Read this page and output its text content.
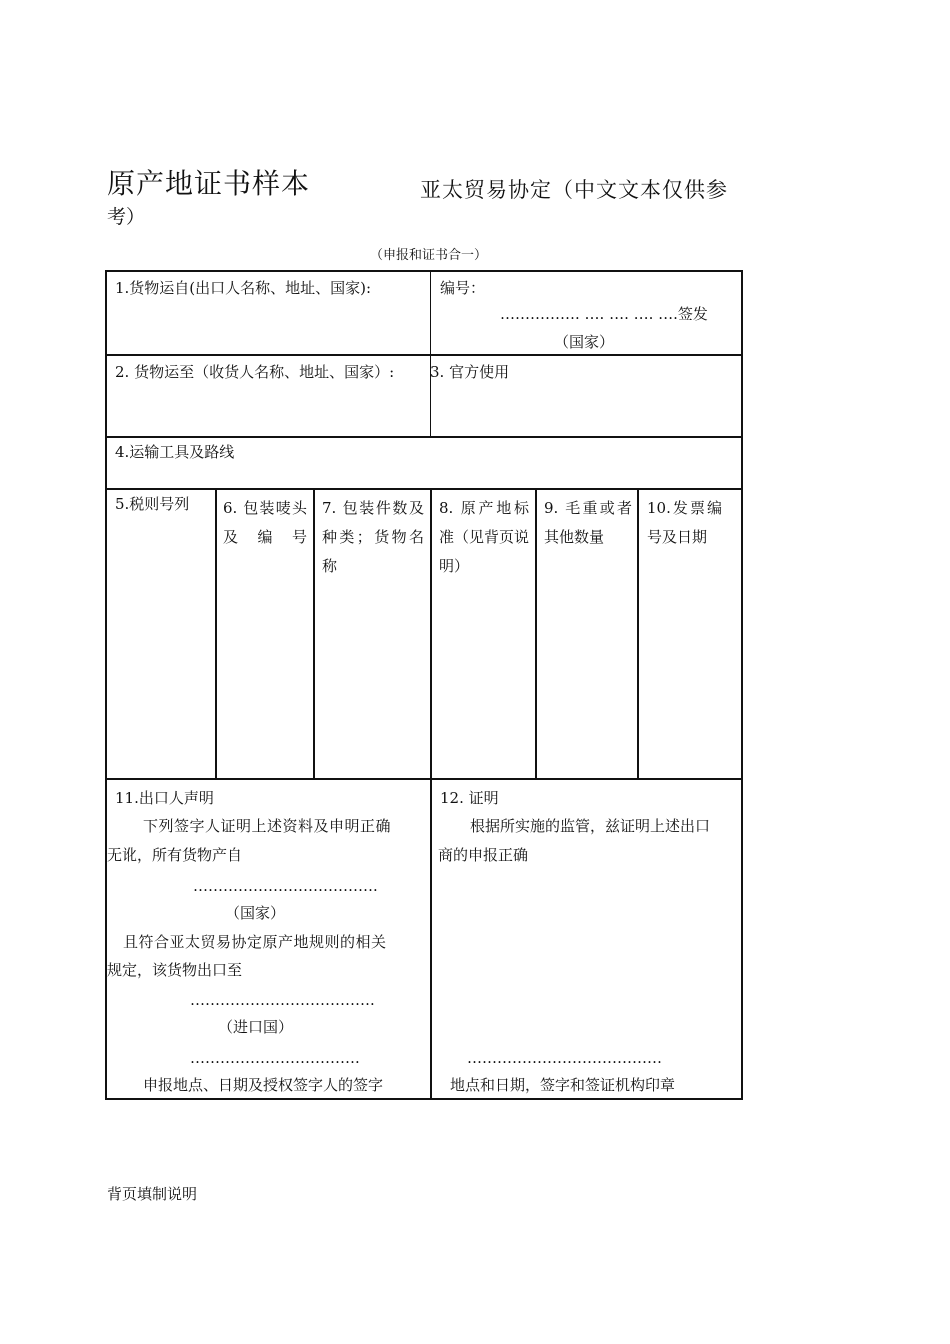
原产地证书样本	亚太贸易协定（中文文本仅供参
考）
（申报和证书合一）
1.货物运自(出口人名称、地址、国家):	编号：
……………. …. …. …. ….签发
（国家）
2. 货物运至（收货人名称、地址、国家）: 3. 官方使用
4.运输工具及路线
5.税则号列 6. 包装唛头及编号
7. 包装件数及种类；货物名称
8. 原产地标准（见背页说明）
9. 毛重或者其他数量
10.发票编号及日期
11.出口人声明
下列签字人证明上述资料及申明正确
无讹，所有货物产自
……………………………….
（国家）
且符合亚太贸易协定原产地规则的相关
规定，该货物出口至
……………………………….
（进口国）
…………………………….
申报地点、日期及授权签字人的签字
12. 证明
根据所实施的监管，兹证明上述出口
商的申报正确
…………………………………
地点和日期，签字和签证机构印章
背页填制说明
